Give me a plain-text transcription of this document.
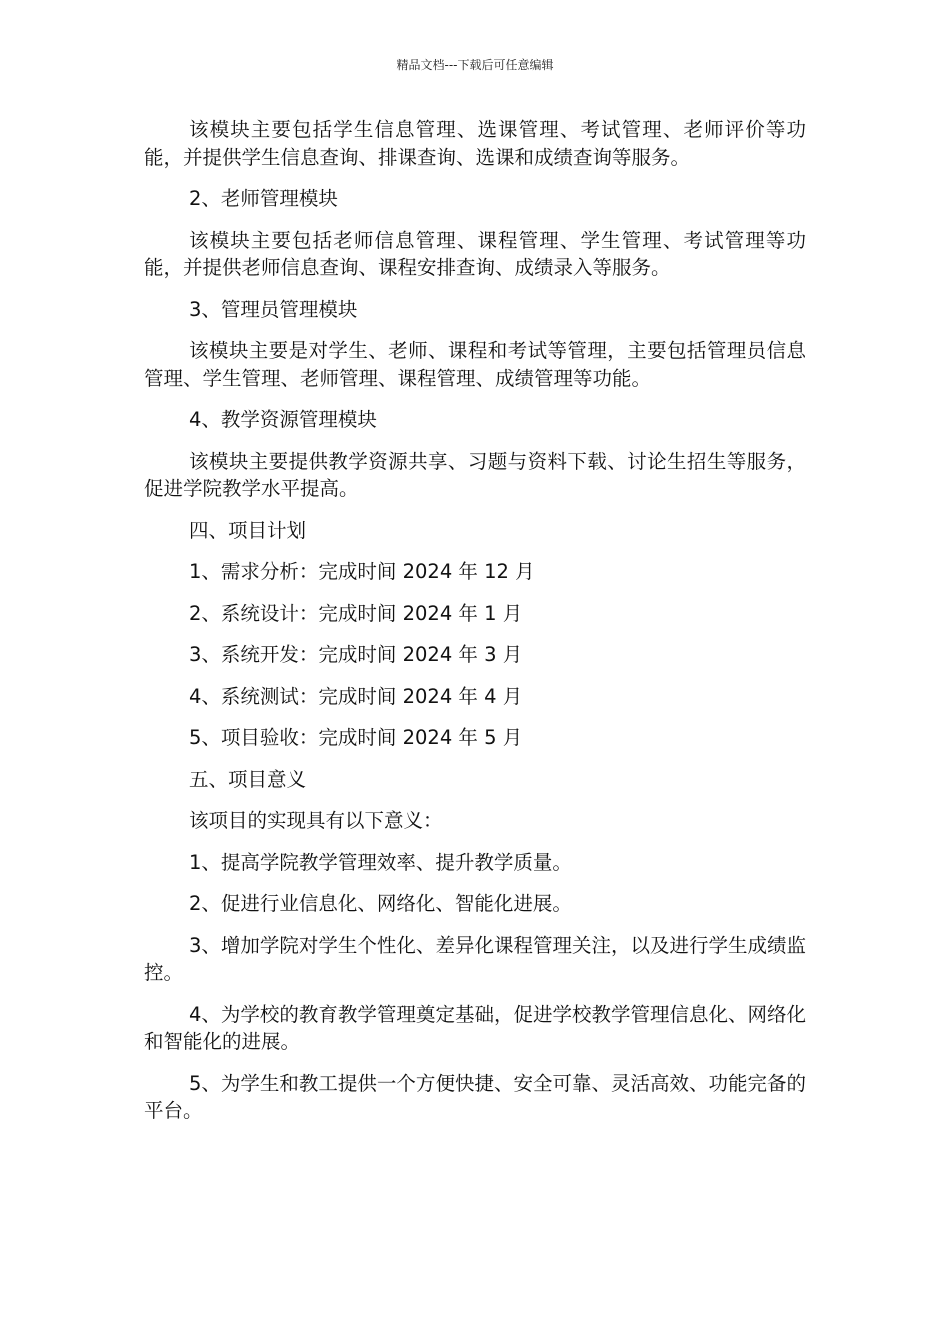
精品文档---下载后可任意编辑

该模块主要包括学生信息管理、选课管理、考试管理、老师评价等功能，并提供学生信息查询、排课查询、选课和成绩查询等服务。

2、老师管理模块

该模块主要包括老师信息管理、课程管理、学生管理、考试管理等功能，并提供老师信息查询、课程安排查询、成绩录入等服务。

3、管理员管理模块

该模块主要是对学生、老师、课程和考试等管理，主要包括管理员信息管理、学生管理、老师管理、课程管理、成绩管理等功能。

4、教学资源管理模块

该模块主要提供教学资源共享、习题与资料下载、讨论生招生等服务，促进学院教学水平提高。

四、项目计划

1、需求分析：完成时间 2024 年 12 月

2、系统设计：完成时间 2024 年 1 月

3、系统开发：完成时间 2024 年 3 月

4、系统测试：完成时间 2024 年 4 月

5、项目验收：完成时间 2024 年 5 月

五、项目意义

该项目的实现具有以下意义：

1、提高学院教学管理效率、提升教学质量。

2、促进行业信息化、网络化、智能化进展。

3、增加学院对学生个性化、差异化课程管理关注，以及进行学生成绩监控。

4、为学校的教育教学管理奠定基础，促进学校教学管理信息化、网络化和智能化的进展。

5、为学生和教工提供一个方便快捷、安全可靠、灵活高效、功能完备的平台。
